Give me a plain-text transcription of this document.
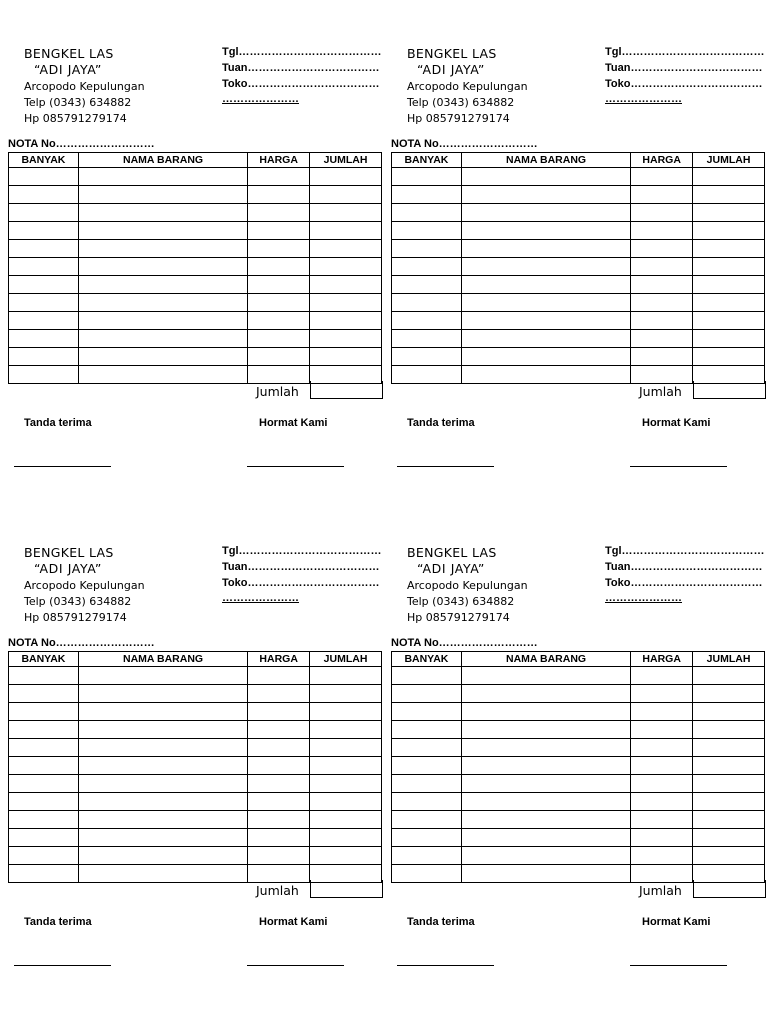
BENGKEL LAS
“ADI JAYA”
Arcopodo Kepulungan
Telp (0343) 634882
Hp 085791279174
Tgl…………………………………
Tuan………………………………
Toko………………………………
…………………
NOTA No………………………
BANYAK	NAMA BARANG	HARGA	JUMLAH

Jumlah
Tanda terima	Hormat Kami
BENGKEL LAS
“ADI JAYA”
Arcopodo Kepulungan
Telp (0343) 634882
Hp 085791279174
Tgl…………………………………
Tuan………………………………
Toko………………………………
…………………
NOTA No………………………
BANYAK	NAMA BARANG	HARGA	JUMLAH

Jumlah
Tanda terima	Hormat Kami
BENGKEL LAS
“ADI JAYA”
Arcopodo Kepulungan
Telp (0343) 634882
Hp 085791279174
Tgl…………………………………
Tuan………………………………
Toko………………………………
…………………
NOTA No………………………
BANYAK	NAMA BARANG	HARGA	JUMLAH

Jumlah
Tanda terima	Hormat Kami
BENGKEL LAS
“ADI JAYA”
Arcopodo Kepulungan
Telp (0343) 634882
Hp 085791279174
Tgl…………………………………
Tuan………………………………
Toko………………………………
…………………
NOTA No………………………
BANYAK	NAMA BARANG	HARGA	JUMLAH

Jumlah
Tanda terima	Hormat Kami
